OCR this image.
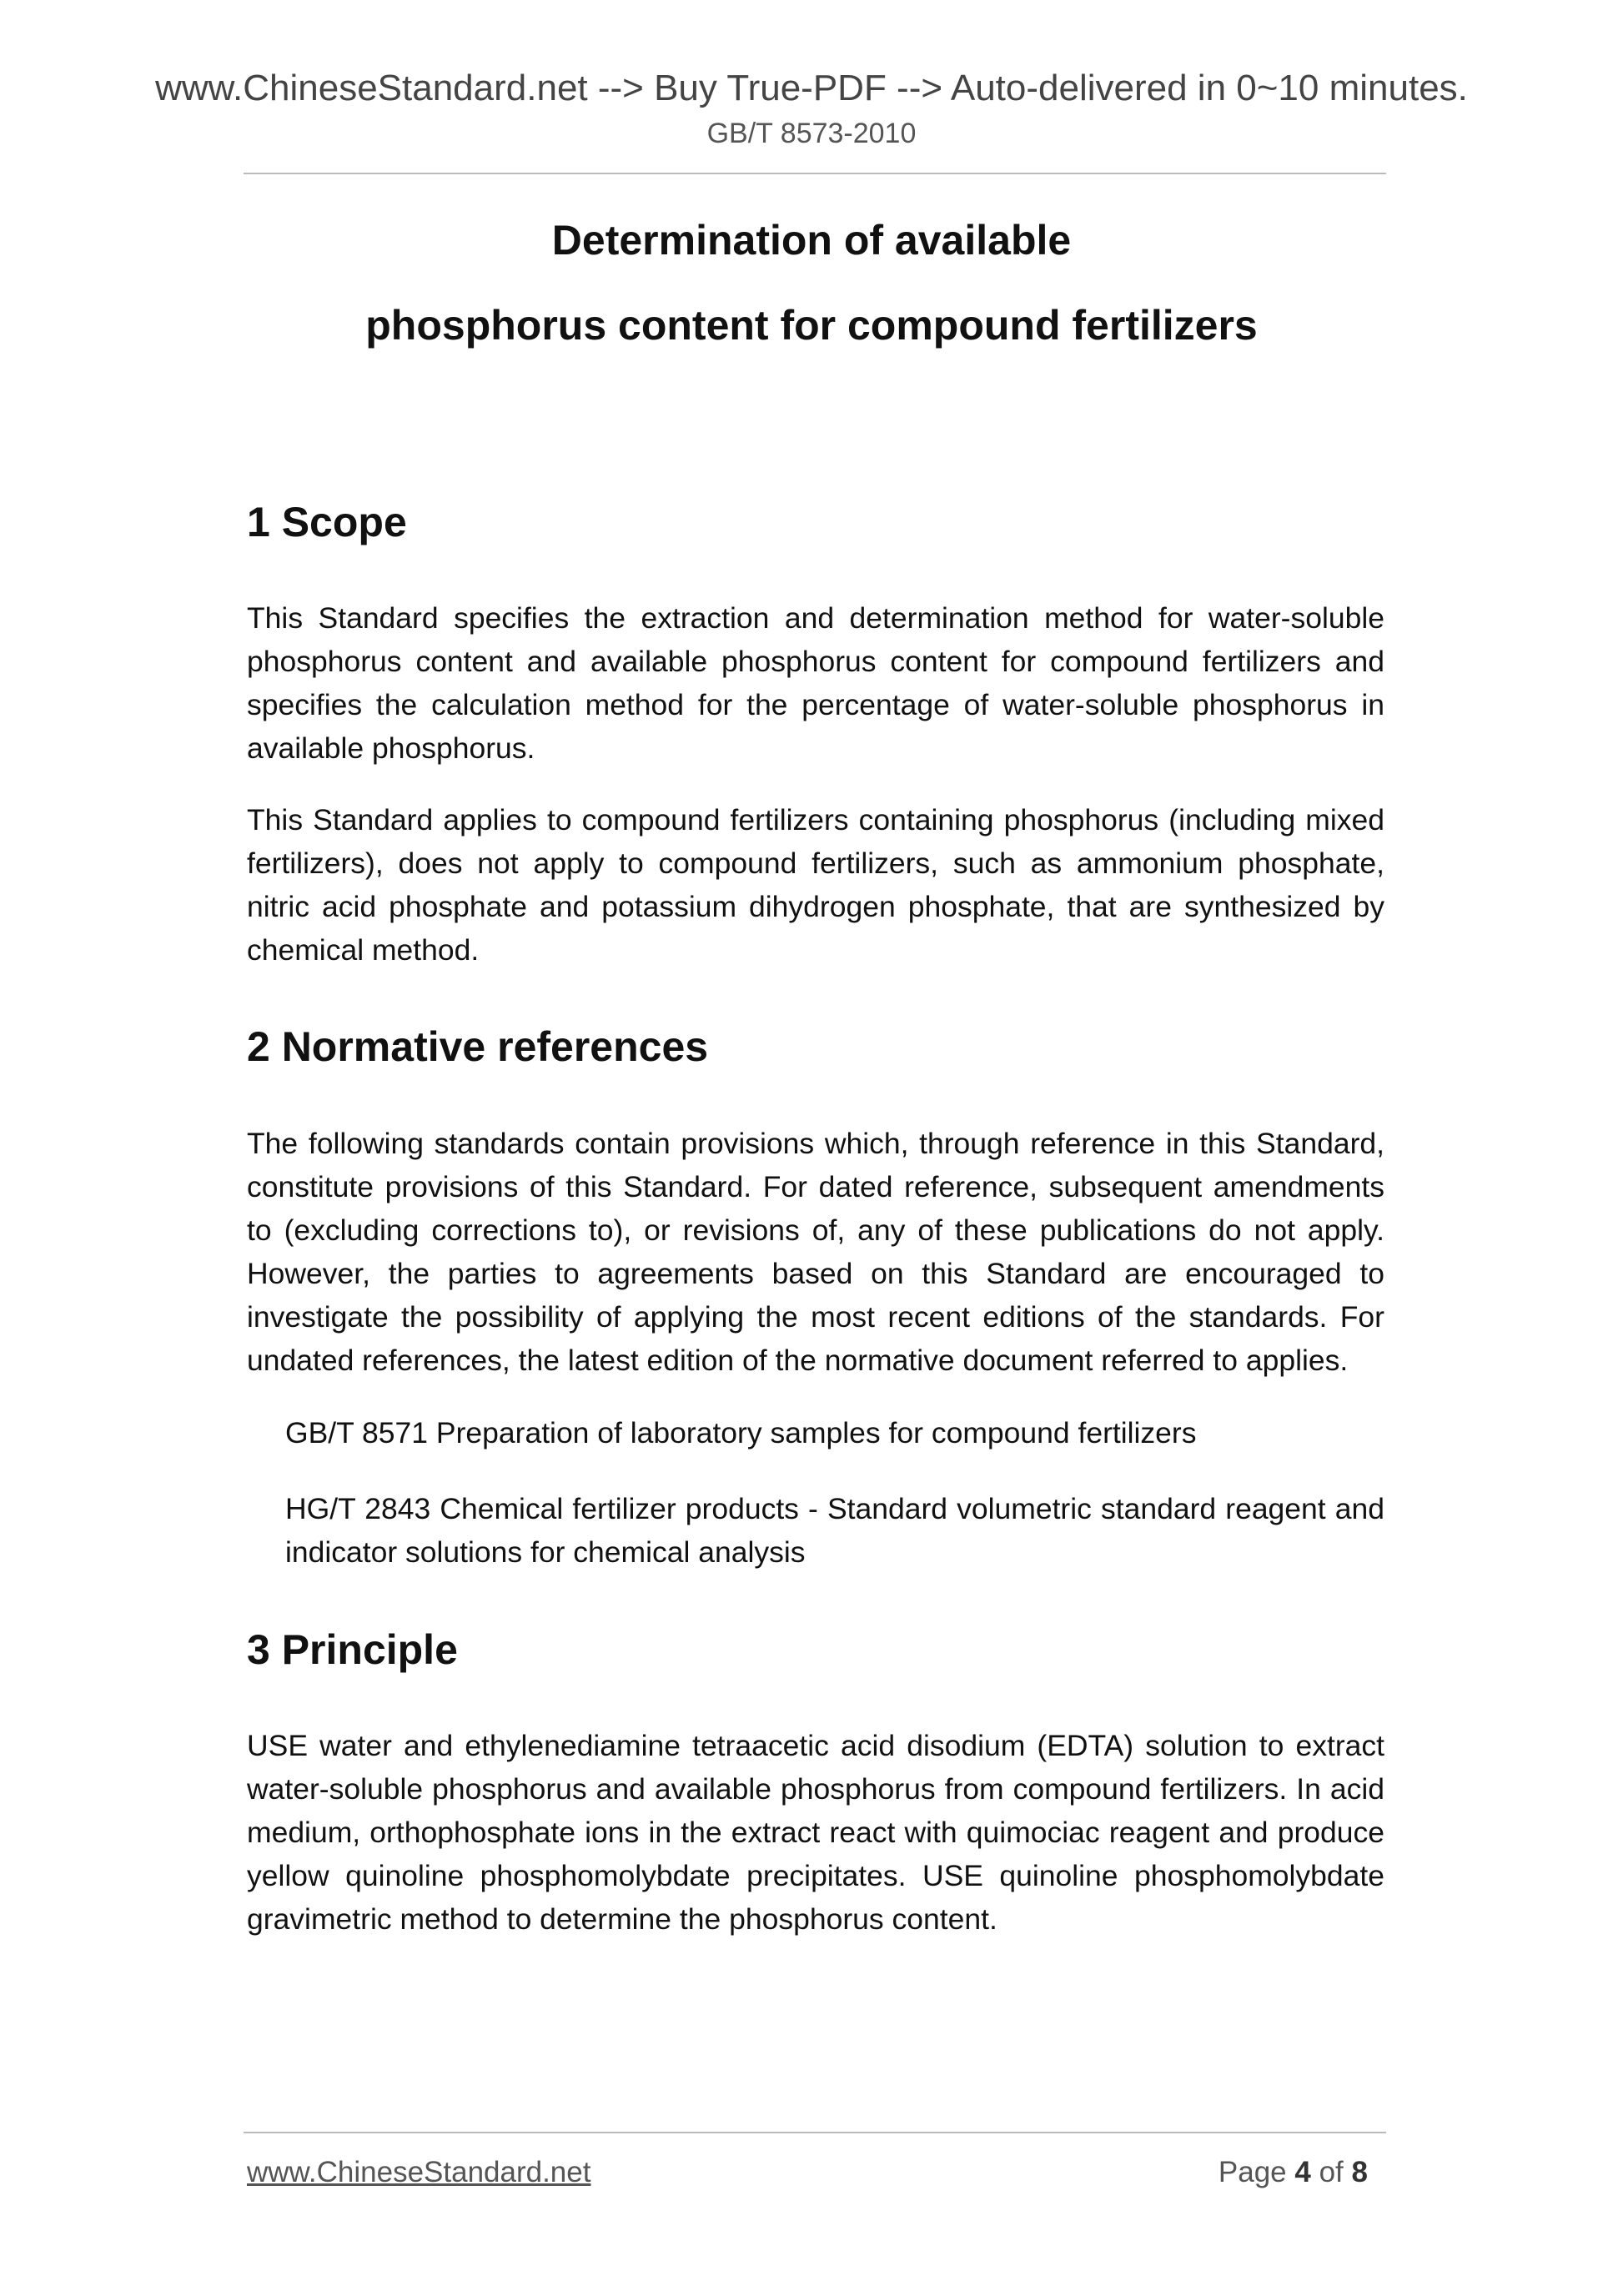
www.ChineseStandard.net --> Buy True-PDF --> Auto-delivered in 0~10 minutes.
GB/T 8573-2010
Determination of available
phosphorus content for compound fertilizers
1 Scope

This Standard specifies the extraction and determination method for water-soluble phosphorus content and available phosphorus content for compound fertilizers and specifies the calculation method for the percentage of water-soluble phosphorus in available phosphorus.

This Standard applies to compound fertilizers containing phosphorus (including mixed fertilizers), does not apply to compound fertilizers, such as ammonium phosphate, nitric acid phosphate and potassium dihydrogen phosphate, that are synthesized by chemical method.

2 Normative references

The following standards contain provisions which, through reference in this Standard, constitute provisions of this Standard. For dated reference, subsequent amendments to (excluding corrections to), or revisions of, any of these publications do not apply. However, the parties to agreements based on this Standard are encouraged to investigate the possibility of applying the most recent editions of the standards. For undated references, the latest edition of the normative document referred to applies.

GB/T 8571 Preparation of laboratory samples for compound fertilizers

HG/T 2843 Chemical fertilizer products - Standard volumetric standard reagent and indicator solutions for chemical analysis

3 Principle

USE water and ethylenediamine tetraacetic acid disodium (EDTA) solution to extract water-soluble phosphorus and available phosphorus from compound fertilizers. In acid medium, orthophosphate ions in the extract react with quimociac reagent and produce yellow quinoline phosphomolybdate precipitates. USE quinoline phosphomolybdate gravimetric method to determine the phosphorus content.

www.ChineseStandard.net	Page 4 of 8
